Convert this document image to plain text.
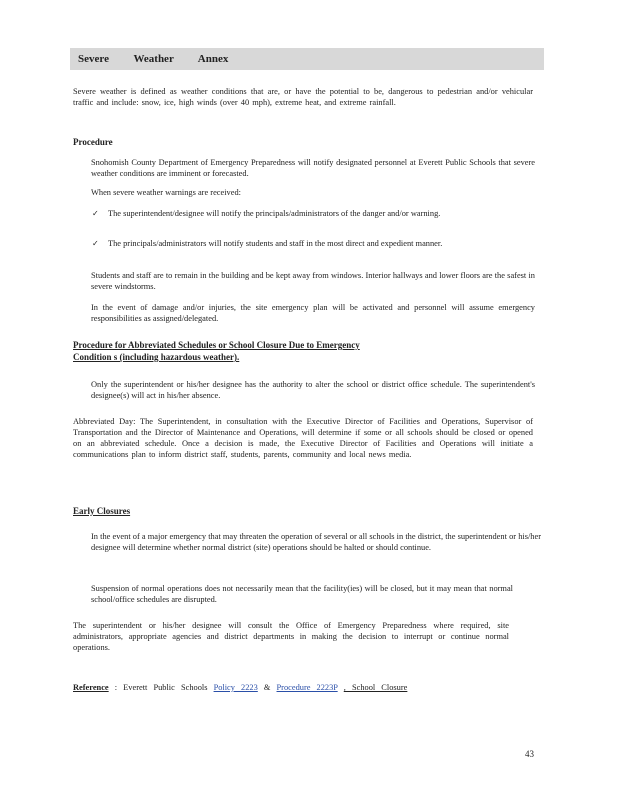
Severe Weather Annex
Severe weather is defined as weather conditions that are, or have the potential to be, dangerous to pedestrian and/or vehicular traffic and include: snow, ice, high winds (over 40 mph), extreme heat, and extreme rainfall.
Procedure
Snohomish County Department of Emergency Preparedness will notify designated personnel at Everett Public Schools that severe weather conditions are imminent or forecasted.
When severe weather warnings are received:
✓ The superintendent/designee will notify the principals/administrators of the danger and/or warning.
✓ The principals/administrators will notify students and staff in the most direct and expedient manner.
Students and staff are to remain in the building and be kept away from windows. Interior hallways and lower floors are the safest in severe windstorms.
In the event of damage and/or injuries, the site emergency plan will be activated and personnel will assume emergency responsibilities as assigned/delegated.
Procedure for Abbreviated Schedules or School Closure Due to Emergency
Condition s (including hazardous weather).
Only the superintendent or his/her designee has the authority to alter the school or district office schedule. The superintendent's designee(s) will act in his/her absence.
Abbreviated Day: The Superintendent, in consultation with the Executive Director of Facilities and Operations, Supervisor of Transportation and the Director of Maintenance and Operations, will determine if some or all schools should be closed or opened on an abbreviated schedule. Once a decision is made, the Executive Director of Facilities and Operations will initiate a communications plan to inform district staff, students, parents, community and local news media.
Early Closures
In the event of a major emergency that may threaten the operation of several or all schools in the district, the superintendent or his/her designee will determine whether normal district (site) operations should be halted or should continue.
Suspension of normal operations does not necessarily mean that the facility(ies) will be closed, but it may mean that normal school/office schedules are disrupted.
The superintendent or his/her designee will consult the Office of Emergency Preparedness where required, site administrators, appropriate agencies and district departments in making the decision to interrupt or continue normal operations.
Reference : Everett Public Schools Policy 2223 & Procedure 2223P , School Closure
43
